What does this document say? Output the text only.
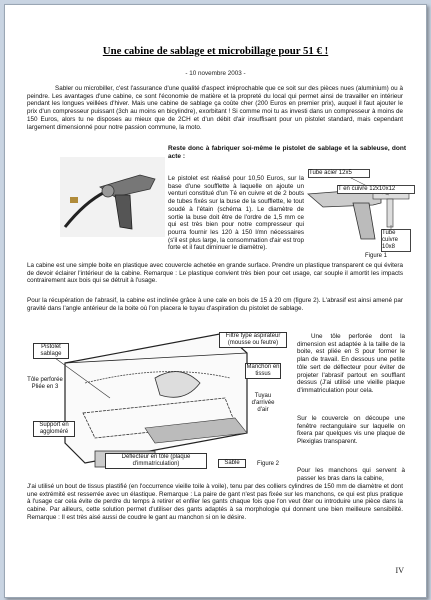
Une cabine de sablage et microbillage pour 51 € !
- 10 novembre 2003 -

Sabler ou microbiller, c'est l'assurance d'une qualité d'aspect irréprochable que ce soit sur des pièces nues (aluminium) ou à peindre. Les avantages d'une cabine, ce sont l'économie de matière et la propreté du local qui permet ainsi de travailler en intérieur pendant les longues veillées d'hiver. Mais une cabine de sablage ça coûte cher (200 Euros en premier prix), auquel il faut ajouter le prix d'un compresseur puissant (3ch au moins en bicylindre), exorbitant ! Si comme moi tu as investi dans un compresseur à moins de 150 Euros, alors tu ne disposes au mieux que de 2CH et d'un débit d'air insuffisant pour un pistolet standard, mais cependant largement dimensionné pour notre passion commune, la moto.

Reste donc à fabriquer soi-même le pistolet de sablage et la sableuse, dont acte :

Le pistolet est réalisé pour 10,50 Euros, sur la base d'une soufflette à laquelle on ajoute un venturi constitué d'un Té en cuivre et de 2 bouts de tubes fixés sur la buse de la soufflette, le tout soudé à l'étain (schéma 1). Le diamètre de sortie la buse doit être de l'ordre de 1,5 mm ce qui est très bien pour notre compresseur qui pourra fournir les 120 à 150 l/mn nécessaires (s'il est plus large, la consommation d'air est trop forte et il faut diminuer le diamètre).

Tube acier 12x5
T en cuivre 12x10x12
Tube cuivre 10x8
Figure 1

La cabine est une simple boite en plastique avec couvercle achetée en grande surface. Prendre un plastique transparent ce qui évitera de devoir éclairer l'intérieur de la cabine. Remarque : Le plastique convient très bien pour cet usage, car souple il amortit les impacts contrairement aux bois qui se détruit à l'usage.

Pour la récupération de l'abrasif, la cabine est inclinée grâce à une cale en bois de 15 à 20 cm (figure 2). L'abrasif est ainsi amené par gravité dans l'angle antérieur de la boite où l'on placera le tuyau d'aspiration du pistolet de sablage.

Pistolet sablage
Tôle perforée Pliée en 3
Support en aggloméré
Filtre type aspirateur (mousse ou feutre)
Manchon en tissus
Tuyau d'arrivée d'air
Déflecteur en tôle (plaque d'immatriculation)	Sable	Figure 2

Une tôle perforée dont la dimension est adaptée à la taille de la boite, est pliée en S pour former le plan de travail. En dessous une petite tôle sert de déflecteur pour éviter de projeter l'abrasif partout en soufflant dessus (J'ai utilisé une vieille plaque d'immatriculation pour cela.

Sur le couvercle on découpe une fenêtre rectangulaire sur laquelle on fixera par quelques vis une plaque de Plexiglas transparent.

Pour les manchons qui servent à passer les bras dans la cabine,

J'ai utilisé un bout de tissus plastifié (en l'occurrence vieille toile à voile), tenu par des colliers cylindres de 150 mm de diamètre et dont une extrémité est resserrée avec un élastique. Remarque : La paire de gant n'est pas fixée sur les manchons, ce qui est plus pratique à l'usage car cela évite de perdre du temps à retirer et enfiler les gants chaque fois que l'on veut ôter ou introduire une pièce dans la cabine. Par ailleurs, cette solution permet d'utiliser des gants adaptés à sa morphologie qui donnent une bien meilleure sensibilité. Remarque : Il est très aisé aussi de coudre le gant au manchon si on le désire.

IV
